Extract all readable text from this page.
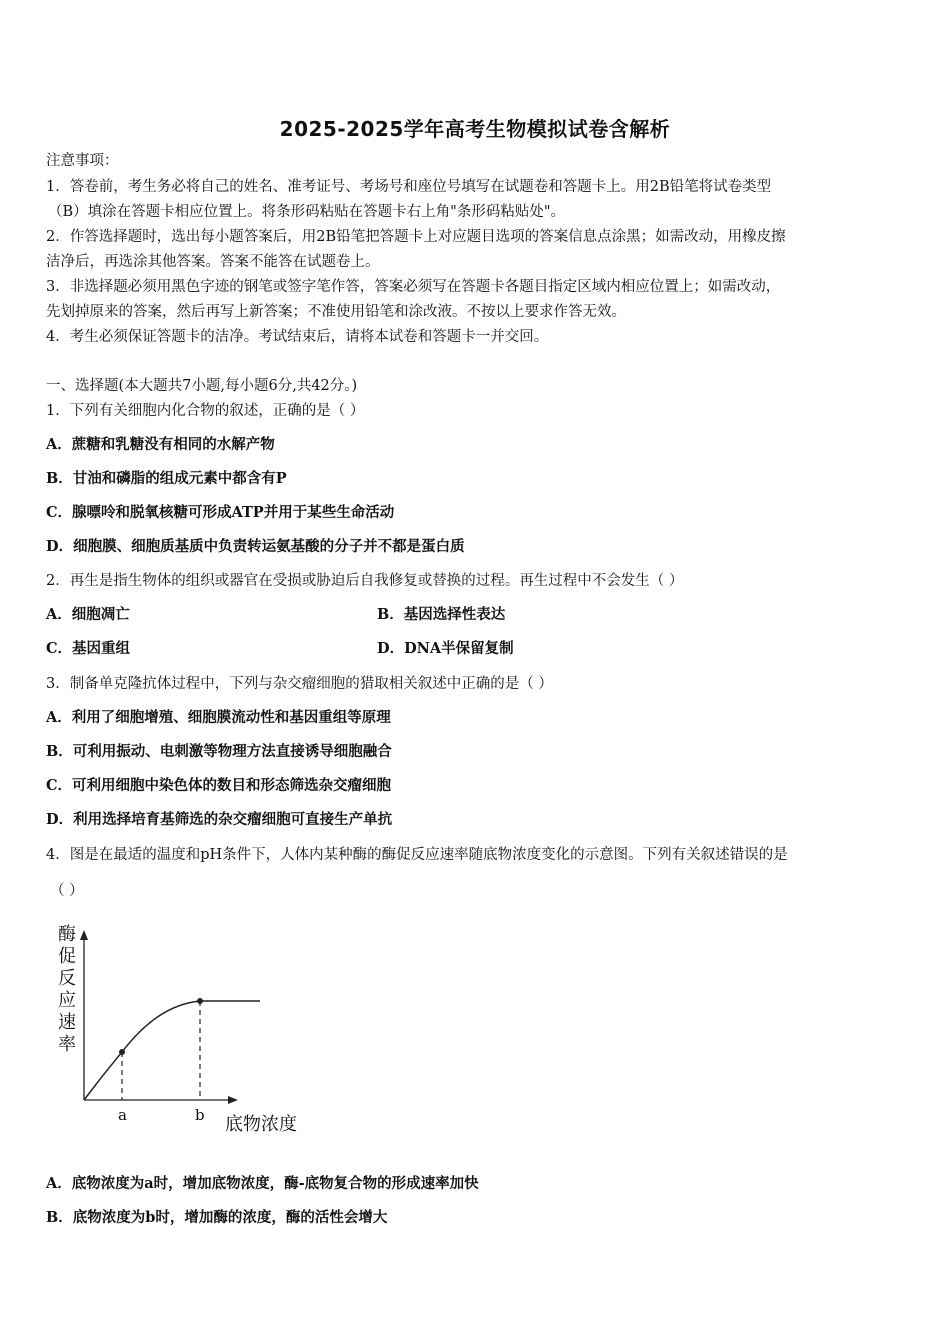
2025-2025学年高考生物模拟试卷含解析
注意事项：
1．答卷前，考生务必将自己的姓名、准考证号、考场号和座位号填写在试题卷和答题卡上。用2B铅笔将试卷类型
（B）填涂在答题卡相应位置上。将条形码粘贴在答题卡右上角"条形码粘贴处"。
2．作答选择题时，选出每小题答案后，用2B铅笔把答题卡上对应题目选项的答案信息点涂黑；如需改动，用橡皮擦
洁净后，再选涂其他答案。答案不能答在试题卷上。
3．非选择题必须用黑色字迹的钢笔或签字笔作答，答案必须写在答题卡各题目指定区域内相应位置上；如需改动，
先划掉原来的答案，然后再写上新答案；不准使用铅笔和涂改液。不按以上要求作答无效。
4．考生必须保证答题卡的洁净。考试结束后，请将本试卷和答题卡一并交回。
一、选择题(本大题共7小题,每小题6分,共42分。)
1．下列有关细胞内化合物的叙述，正确的是（ ）
A．蔗糖和乳糖没有相同的水解产物
B．甘油和磷脂的组成元素中都含有P
C．腺嘌呤和脱氧核糖可形成ATP并用于某些生命活动
D．细胞膜、细胞质基质中负责转运氨基酸的分子并不都是蛋白质
2．再生是指生物体的组织或器官在受损或胁迫后自我修复或替换的过程。再生过程中不会发生（ ）
A．细胞凋亡	B．基因选择性表达
C．基因重组	D．DNA半保留复制
3．制备单克隆抗体过程中，下列与杂交瘤细胞的猎取相关叙述中正确的是（ ）
A．利用了细胞增殖、细胞膜流动性和基因重组等原理
B．可利用振动、电刺激等物理方法直接诱导细胞融合
C．可利用细胞中染色体的数目和形态筛选杂交瘤细胞
D．利用选择培育基筛选的杂交瘤细胞可直接生产单抗
4．图是在最适的温度和pH条件下，人体内某种酶的酶促反应速率随底物浓度变化的示意图。下列有关叙述错误的是
（ ）
酶
促
反
应
速
率
a	b 底物浓度
A．底物浓度为a时，增加底物浓度，酶-底物复合物的形成速率加快
B．底物浓度为b时，增加酶的浓度，酶的活性会增大
